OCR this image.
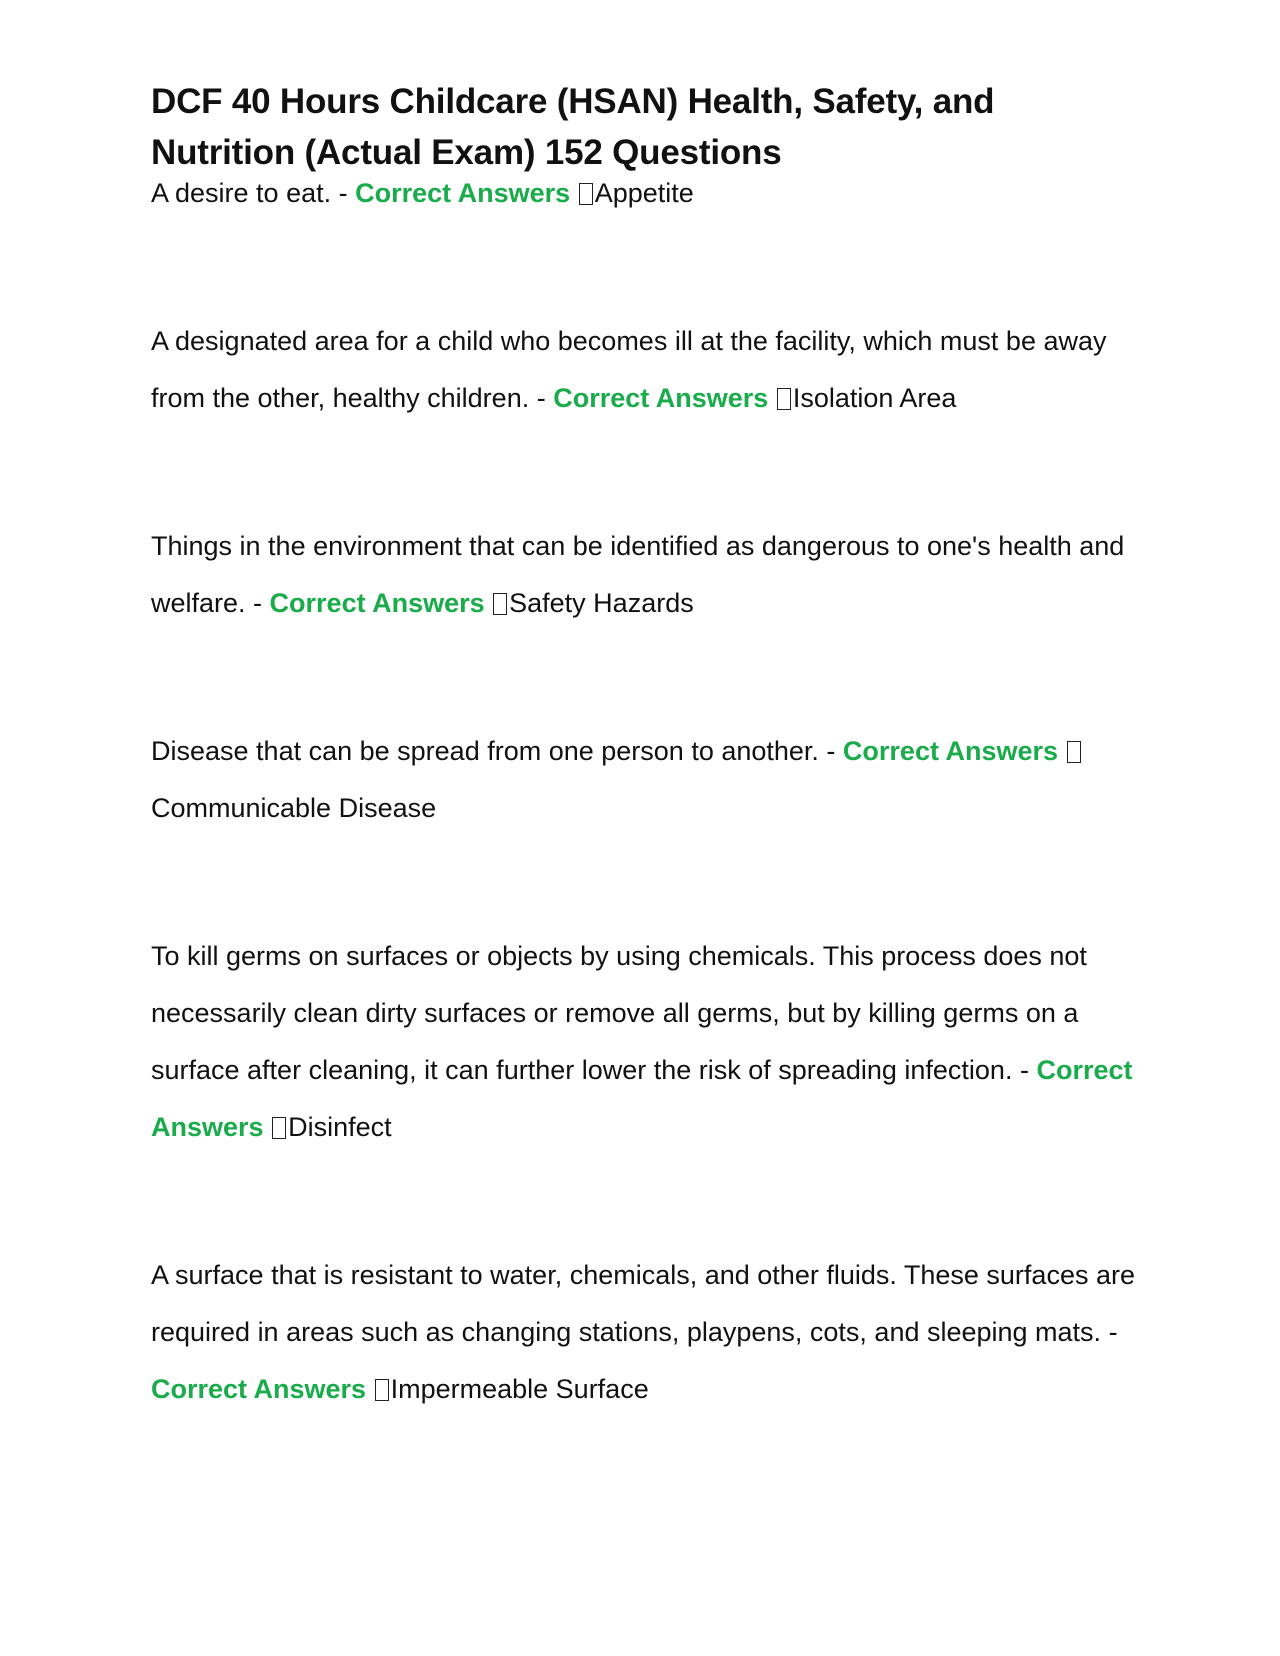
DCF 40 Hours Childcare (HSAN) Health, Safety, and Nutrition (Actual Exam) 152 Questions

A desire to eat. - Correct Answers Appetite

A designated area for a child who becomes ill at the facility, which must be away from the other, healthy children. - Correct Answers Isolation Area

Things in the environment that can be identified as dangerous to one's health and welfare. - Correct Answers Safety Hazards

Disease that can be spread from one person to another. - Correct Answers Communicable Disease

To kill germs on surfaces or objects by using chemicals. This process does not necessarily clean dirty surfaces or remove all germs, but by killing germs on a surface after cleaning, it can further lower the risk of spreading infection. - Correct Answers Disinfect

A surface that is resistant to water, chemicals, and other fluids. These surfaces are required in areas such as changing stations, playpens, cots, and sleeping mats. - Correct Answers Impermeable Surface
